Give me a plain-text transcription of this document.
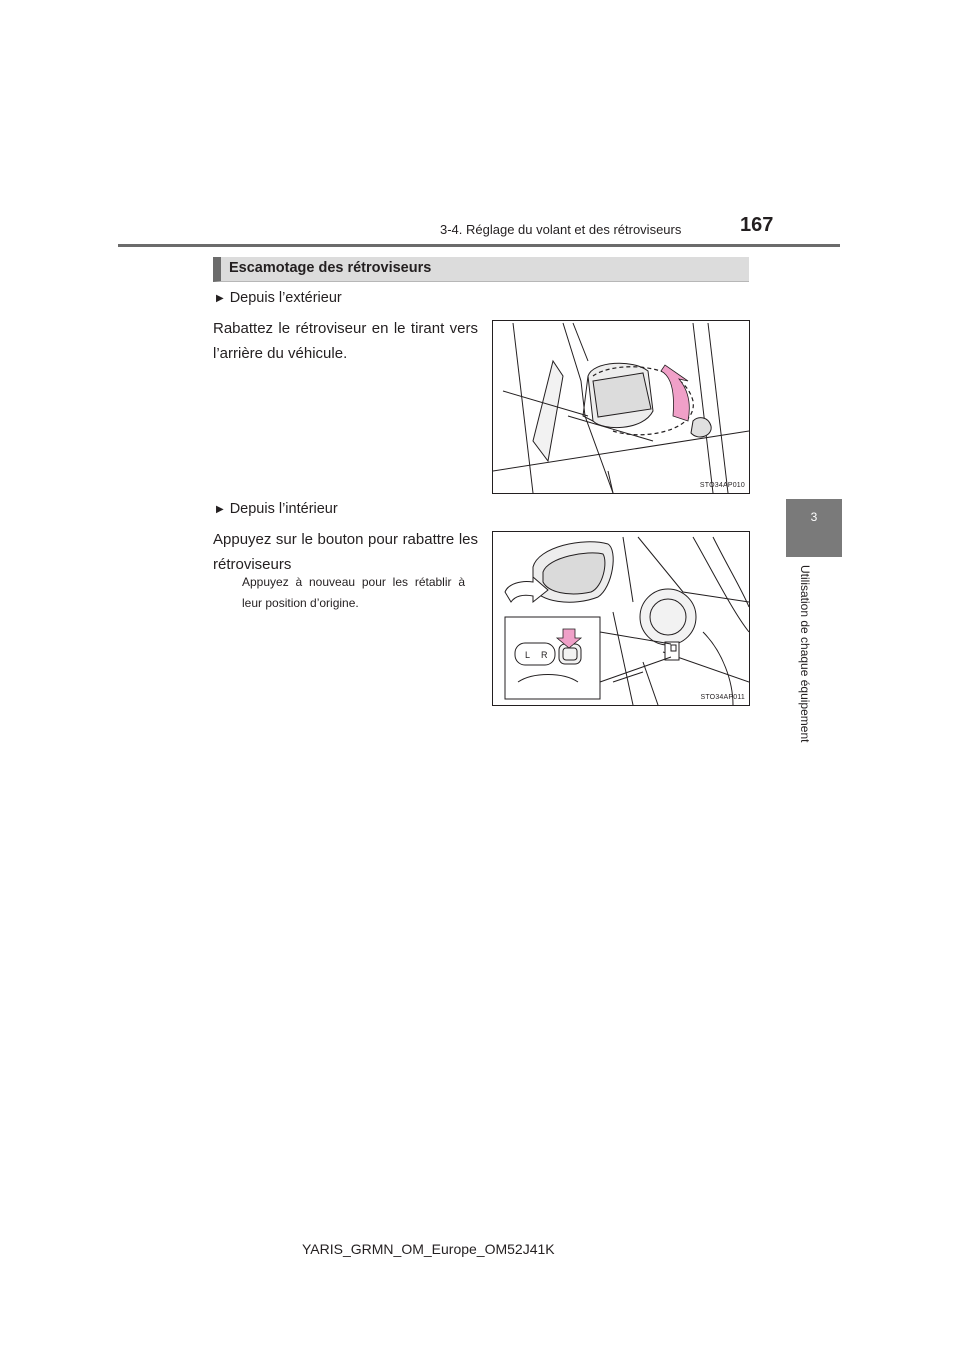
3-4. Réglage du volant et des rétroviseurs	167
3
Utilisation de chaque équipement
Escamotage des rétroviseurs
▶ Depuis l’extérieur
Rabattez le rétroviseur en le tirant vers l’arrière du véhicule.
STO34AP010
▶ Depuis l’intérieur
Appuyez sur le bouton pour rabattre les rétroviseurs
Appuyez à nouveau pour les rétablir à leur position d’origine.
L R
STO34AP011
YARIS_GRMN_OM_Europe_OM52J41K
